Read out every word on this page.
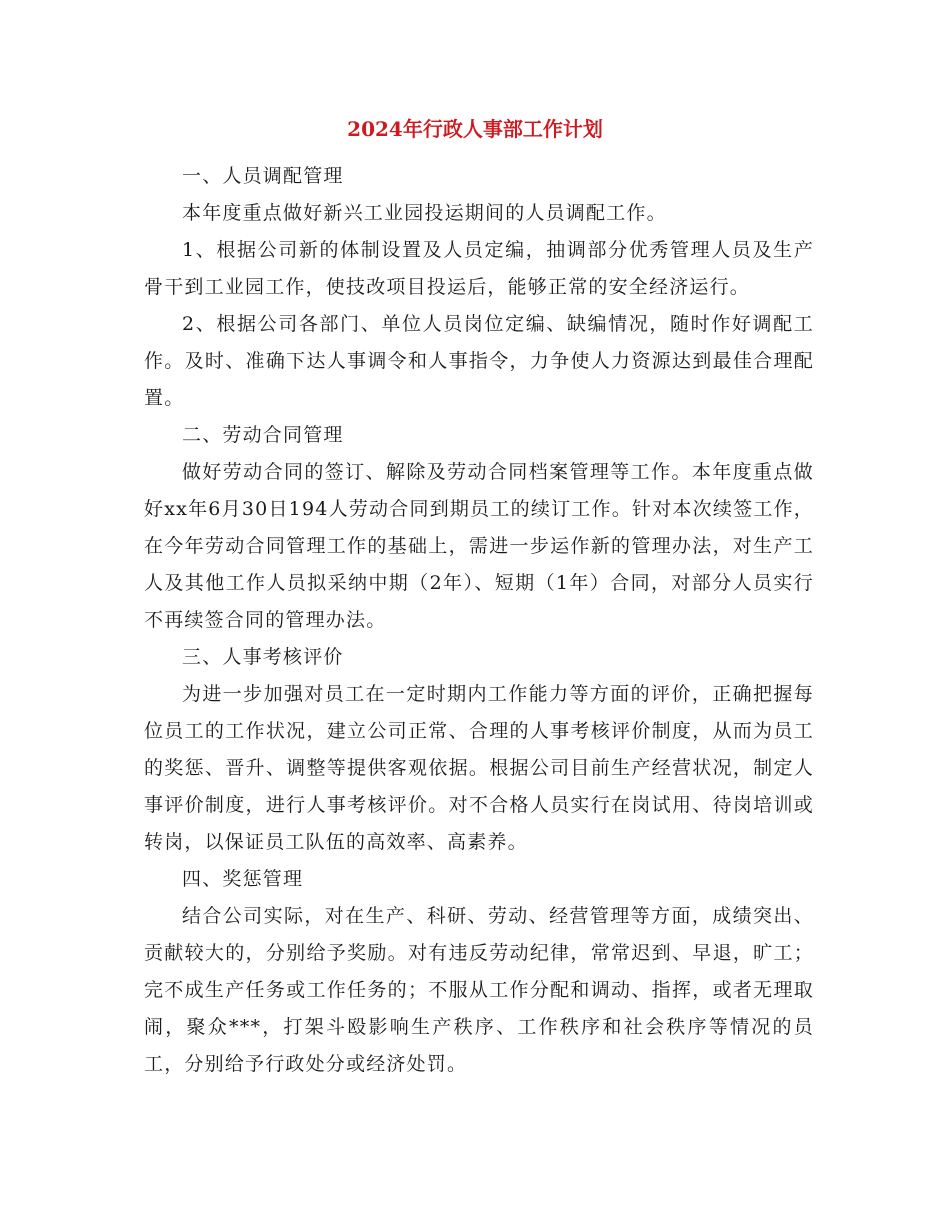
2024年行政人事部工作计划

一、人员调配管理

本年度重点做好新兴工业园投运期间的人员调配工作。

1、根据公司新的体制设置及人员定编，抽调部分优秀管理人员及生产骨干到工业园工作，使技改项目投运后，能够正常的安全经济运行。

2、根据公司各部门、单位人员岗位定编、缺编情况，随时作好调配工作。及时、准确下达人事调令和人事指令，力争使人力资源达到最佳合理配置。

二、劳动合同管理

做好劳动合同的签订、解除及劳动合同档案管理等工作。本年度重点做好xx年6月30日194人劳动合同到期员工的续订工作。针对本次续签工作，在今年劳动合同管理工作的基础上，需进一步运作新的管理办法，对生产工人及其他工作人员拟采纳中期（2年）、短期（1年）合同，对部分人员实行不再续签合同的管理办法。

三、人事考核评价

为进一步加强对员工在一定时期内工作能力等方面的评价，正确把握每位员工的工作状况，建立公司正常、合理的人事考核评价制度，从而为员工的奖惩、晋升、调整等提供客观依据。根据公司目前生产经营状况，制定人事评价制度，进行人事考核评价。对不合格人员实行在岗试用、待岗培训或转岗，以保证员工队伍的高效率、高素养。

四、奖惩管理

结合公司实际，对在生产、科研、劳动、经营管理等方面，成绩突出、贡献较大的，分别给予奖励。对有违反劳动纪律，常常迟到、早退，旷工；完不成生产任务或工作任务的；不服从工作分配和调动、指挥，或者无理取闹，聚众***，打架斗殴影响生产秩序、工作秩序和社会秩序等情况的员工，分别给予行政处分或经济处罚。
